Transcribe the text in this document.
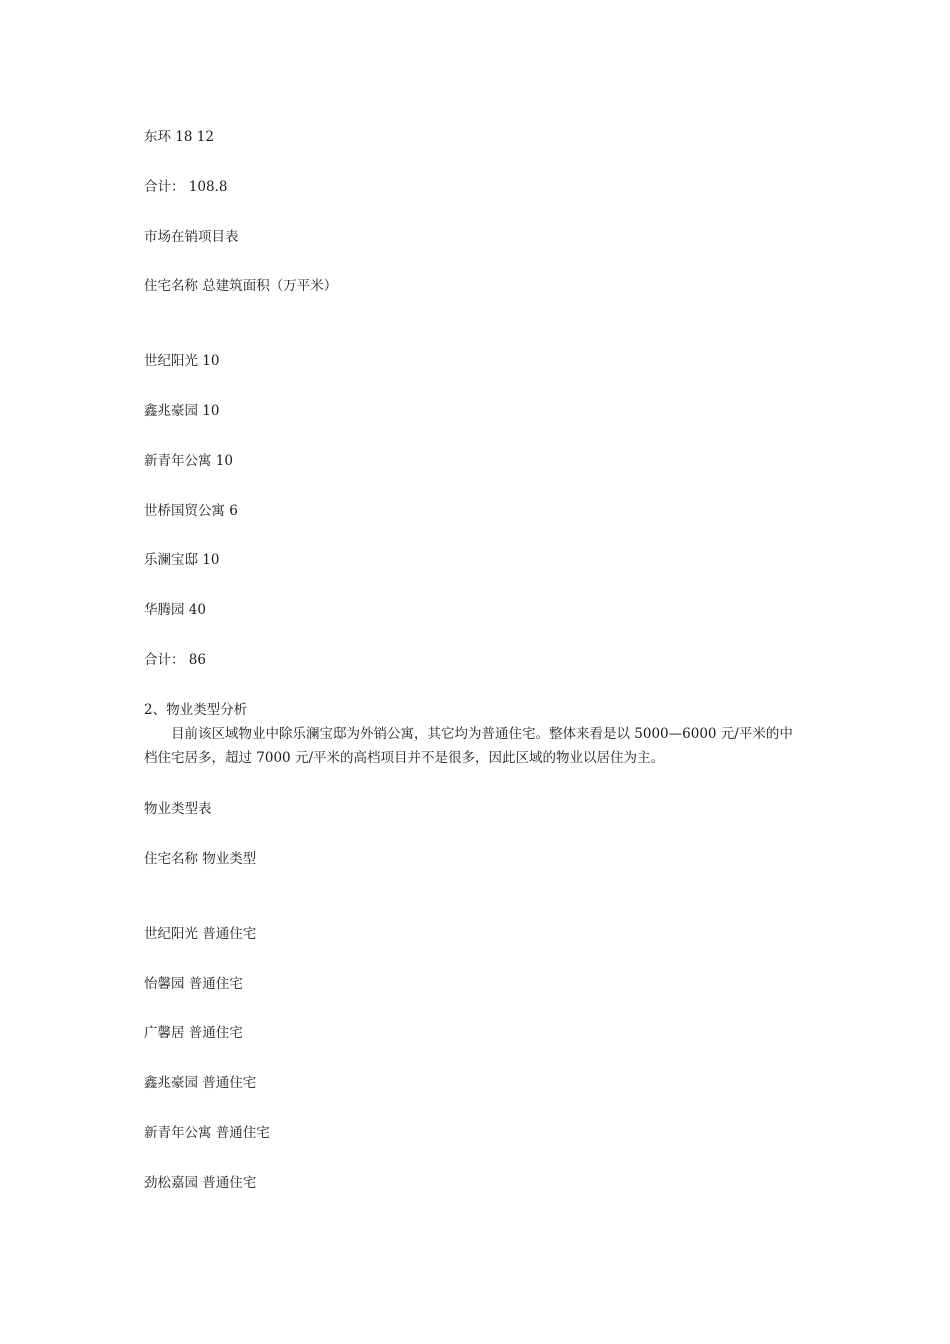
东环 18 12

合计： 108.8

市场在销项目表

住宅名称 总建筑面积（万平米）

世纪阳光 10

鑫兆豪园 10

新青年公寓 10

世桥国贸公寓 6

乐澜宝邸 10

华腾园 40

合计： 86

2、物业类型分析

目前该区域物业中除乐澜宝邸为外销公寓，其它均为普通住宅。整体来看是以 5000—6000 元/平米的中档住宅居多，超过 7000 元/平米的高档项目并不是很多，因此区域的物业以居住为主。

物业类型表

住宅名称 物业类型

世纪阳光 普通住宅

怡馨园 普通住宅

广馨居 普通住宅

鑫兆豪园 普通住宅

新青年公寓 普通住宅

劲松嘉园 普通住宅
